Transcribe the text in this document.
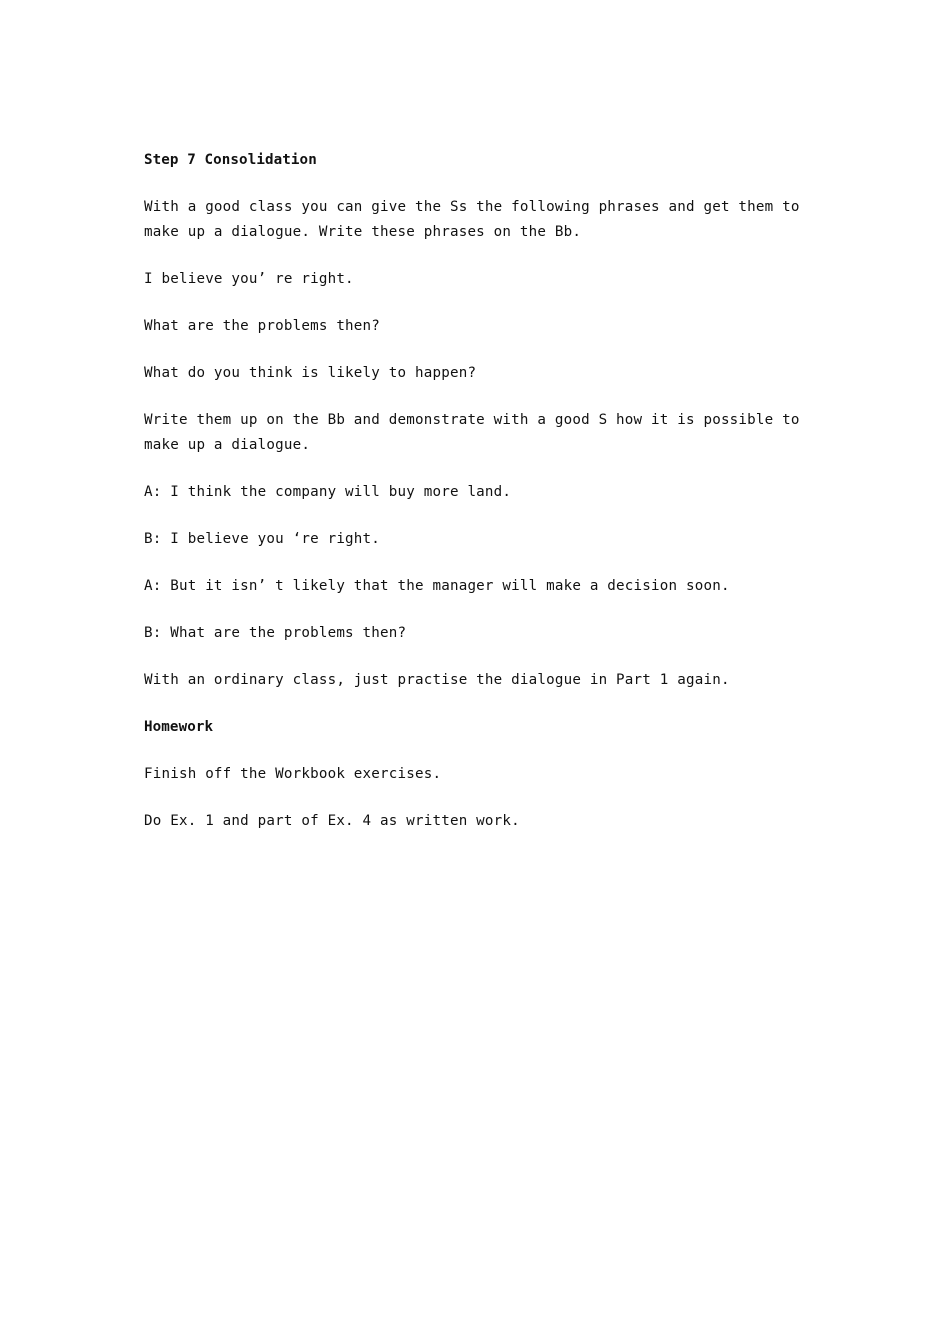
Step 7 Consolidation
With a good class you can give the Ss the following phrases and get them to make up a dialogue. Write these phrases on the Bb.
I believe you’ re right.
What are the problems then?
What do you think is likely to happen?
Write them up on the Bb and demonstrate with a good S how it is possible to make up a dialogue.
A: I think the company will buy more land.
B: I believe you ‘re right.
A: But it isn’ t likely that the manager will make a decision soon.
B: What are the problems then?
With an ordinary class, just practise the dialogue in Part 1 again.
Homework
Finish off the Workbook exercises.
Do Ex. 1 and part of Ex. 4 as written work.
